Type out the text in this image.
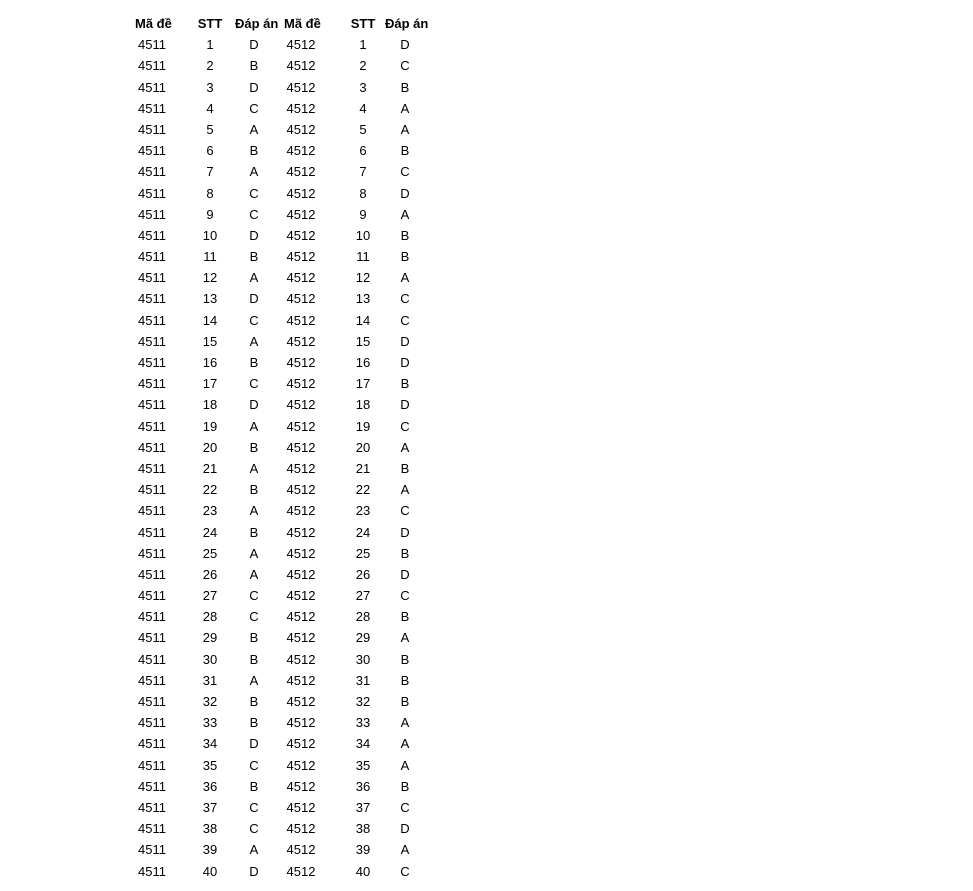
Mã đề STT Đáp án Mã đề STT Đáp án
4511	1	D	4512	1	D
4511	2	B	4512	2	C
4511	3	D	4512	3	B
4511	4	C	4512	4	A
4511	5	A	4512	5	A
4511	6	B	4512	6	B
4511	7	A	4512	7	C
4511	8	C	4512	8	D
4511	9	C	4512	9	A
4511	10	D	4512	10	B
4511	11	B	4512	11	B
4511	12	A	4512	12	A
4511	13	D	4512	13	C
4511	14	C	4512	14	C
4511	15	A	4512	15	D
4511	16	B	4512	16	D
4511	17	C	4512	17	B
4511	18	D	4512	18	D
4511	19	A	4512	19	C
4511	20	B	4512	20	A
4511	21	A	4512	21	B
4511	22	B	4512	22	A
4511	23	A	4512	23	C
4511	24	B	4512	24	D
4511	25	A	4512	25	B
4511	26	A	4512	26	D
4511	27	C	4512	27	C
4511	28	C	4512	28	B
4511	29	B	4512	29	A
4511	30	B	4512	30	B
4511	31	A	4512	31	B
4511	32	B	4512	32	B
4511	33	B	4512	33	A
4511	34	D	4512	34	A
4511	35	C	4512	35	A
4511	36	B	4512	36	B
4511	37	C	4512	37	C
4511	38	C	4512	38	D
4511	39	A	4512	39	A
4511	40	D	4512	40	C
